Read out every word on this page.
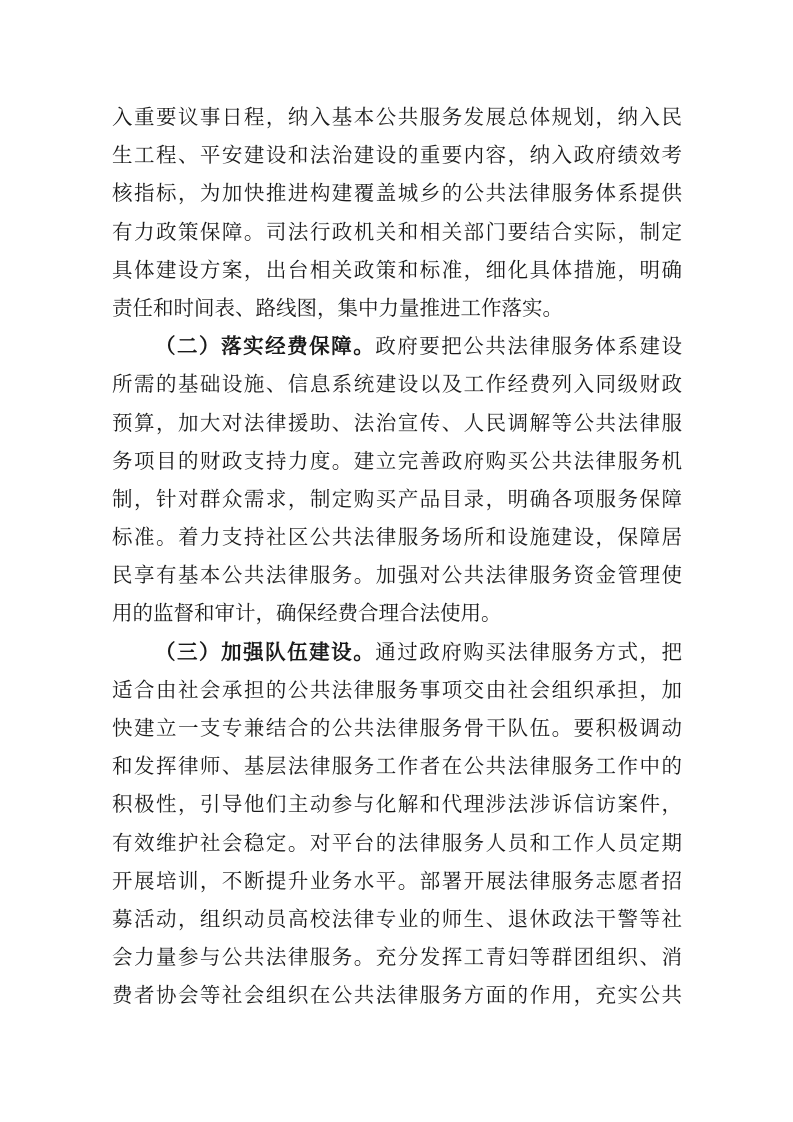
入重要议事日程，纳入基本公共服务发展总体规划，纳入民
生工程、平安建设和法治建设的重要内容，纳入政府绩效考
核指标，为加快推进构建覆盖城乡的公共法律服务体系提供
有力政策保障。司法行政机关和相关部门要结合实际，制定
具体建设方案，出台相关政策和标准，细化具体措施，明确
责任和时间表、路线图，集中力量推进工作落实。
（二）落实经费保障。政府要把公共法律服务体系建设
所需的基础设施、信息系统建设以及工作经费列入同级财政
预算，加大对法律援助、法治宣传、人民调解等公共法律服
务项目的财政支持力度。建立完善政府购买公共法律服务机
制，针对群众需求，制定购买产品目录，明确各项服务保障
标准。着力支持社区公共法律服务场所和设施建设，保障居
民享有基本公共法律服务。加强对公共法律服务资金管理使
用的监督和审计，确保经费合理合法使用。
（三）加强队伍建设。通过政府购买法律服务方式，把
适合由社会承担的公共法律服务事项交由社会组织承担，加
快建立一支专兼结合的公共法律服务骨干队伍。要积极调动
和发挥律师、基层法律服务工作者在公共法律服务工作中的
积极性，引导他们主动参与化解和代理涉法涉诉信访案件，
有效维护社会稳定。对平台的法律服务人员和工作人员定期
开展培训，不断提升业务水平。部署开展法律服务志愿者招
募活动，组织动员高校法律专业的师生、退休政法干警等社
会力量参与公共法律服务。充分发挥工青妇等群团组织、消
费者协会等社会组织在公共法律服务方面的作用，充实公共
